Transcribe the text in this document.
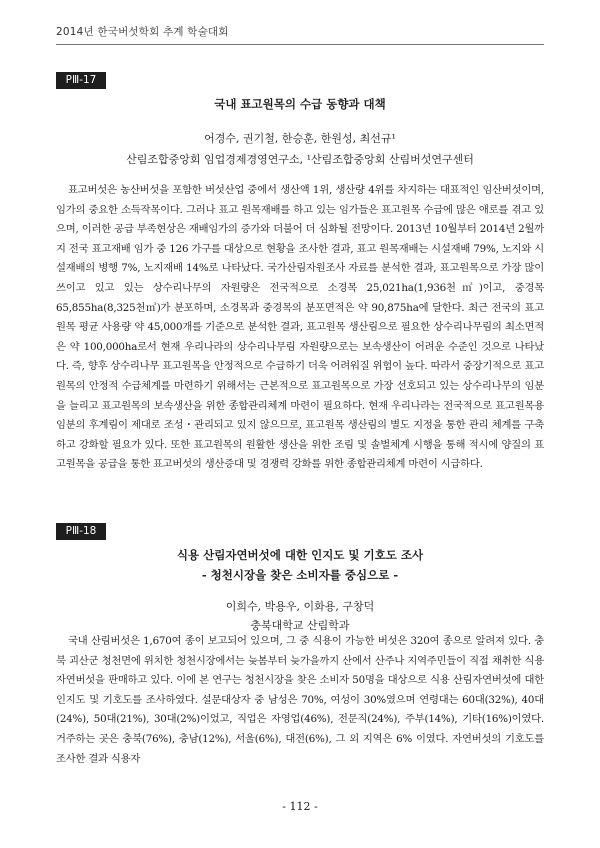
2014년 한국버섯학회 추계 학술대회
PⅢ-17
국내 표고원목의 수급 동향과 대책
어경수, 권기철, 한승훈, 한원성, 최선규¹
산림조합중앙회 임업경제경영연구소, ¹산림조합중앙회 산림버섯연구센터
표고버섯은 농산버섯을 포함한 버섯산업 중에서 생산액 1위, 생산량 4위를 차지하는 대표적인 임산버섯이며, 임가의 중요한 소득작목이다. 그러나 표고 원목재배를 하고 있는 임가들은 표고원목 수급에 많은 애로를 겪고 있으며, 이러한 공급 부족현상은 재배임가의 증가와 더불어 더 심화될 전망이다. 2013년 10월부터 2014년 2월까지 전국 표고재배 임가 중 126 가구를 대상으로 현황을 조사한 결과, 표고 원목재배는 시설재배 79%, 노지와 시설재배의 병행 7%, 노지재배 14%로 나타났다. 국가산림자원조사 자료를 분석한 결과, 표고원목으로 가장 많이 쓰이고 있고 있는 상수리나무의 자원량은 전국적으로 소경목 25,021ha(1,936천㎥)이고, 중경목 65,855ha(8,325천㎥)가 분포하며, 소경목과 중경목의 분포면적은 약 90,875ha에 달한다. 최근 전국의 표고원목 평균 사용량 약 45,000개를 기준으로 분석한 결과, 표고원목 생산림으로 필요한 상수리나무림의 최소면적은 약 100,000ha로서 현재 우리나라의 상수리나무림 자원량으로는 보속생산이 어려운 수준인 것으로 나타났다. 즉, 향후 상수리나무 표고원목을 안정적으로 수급하기 더욱 어려워질 위험이 높다. 따라서 중장기적으로 표고원목의 안정적 수급체계를 마련하기 위해서는 근본적으로 표고원목으로 가장 선호되고 있는 상수리나무의 임분을 늘리고 표고원목의 보속생산을 위한 종합관리체계 마련이 필요하다. 현재 우리나라는 전국적으로 표고원목용 임분의 후계림이 제대로 조성・관리되고 있지 않으므로, 표고원목 생산림의 별도 지정을 통한 관리 체계를 구축하고 강화할 필요가 있다. 또한 표고원목의 원활한 생산을 위한 조림 및 솔벌체계 시행을 통해 적시에 양질의 표고원목을 공급을 통한 표고버섯의 생산증대 및 경쟁력 강화를 위한 종합관리체계 마련이 시급하다.
PⅢ-18
식용 산림자연버섯에 대한 인지도 및 기호도 조사
- 청천시장을 찾은 소비자를 중심으로 -
이희수, 박용우, 이화용, 구창덕
충북대학교 산림학과
국내 산림버섯은 1,670여 종이 보고되어 있으며, 그 중 식용이 가능한 버섯은 320여 종으로 알려져 있다. 충북 괴산군 청천면에 위치한 청천시장에서는 늦봄부터 늦가을까지 산에서 산주나 지역주민들이 직접 채취한 식용자연버섯을 판매하고 있다. 이에 본 연구는 청천시장을 찾은 소비자 50명을 대상으로 식용 산림자연버섯에 대한 인지도 및 기호도를 조사하였다. 설문대상자 중 남성은 70%, 여성이 30%였으며 연령대는 60대(32%), 40대(24%), 50대(21%), 30대(2%)이었고, 직업은 자영업(46%), 전문직(24%), 주부(14%), 기타(16%)이였다. 거주하는 곳은 충북(76%), 충남(12%), 서울(6%), 대전(6%), 그 외 지역은 6% 이였다. 자연버섯의 기호도를 조사한 결과 식용자
- 112 -
